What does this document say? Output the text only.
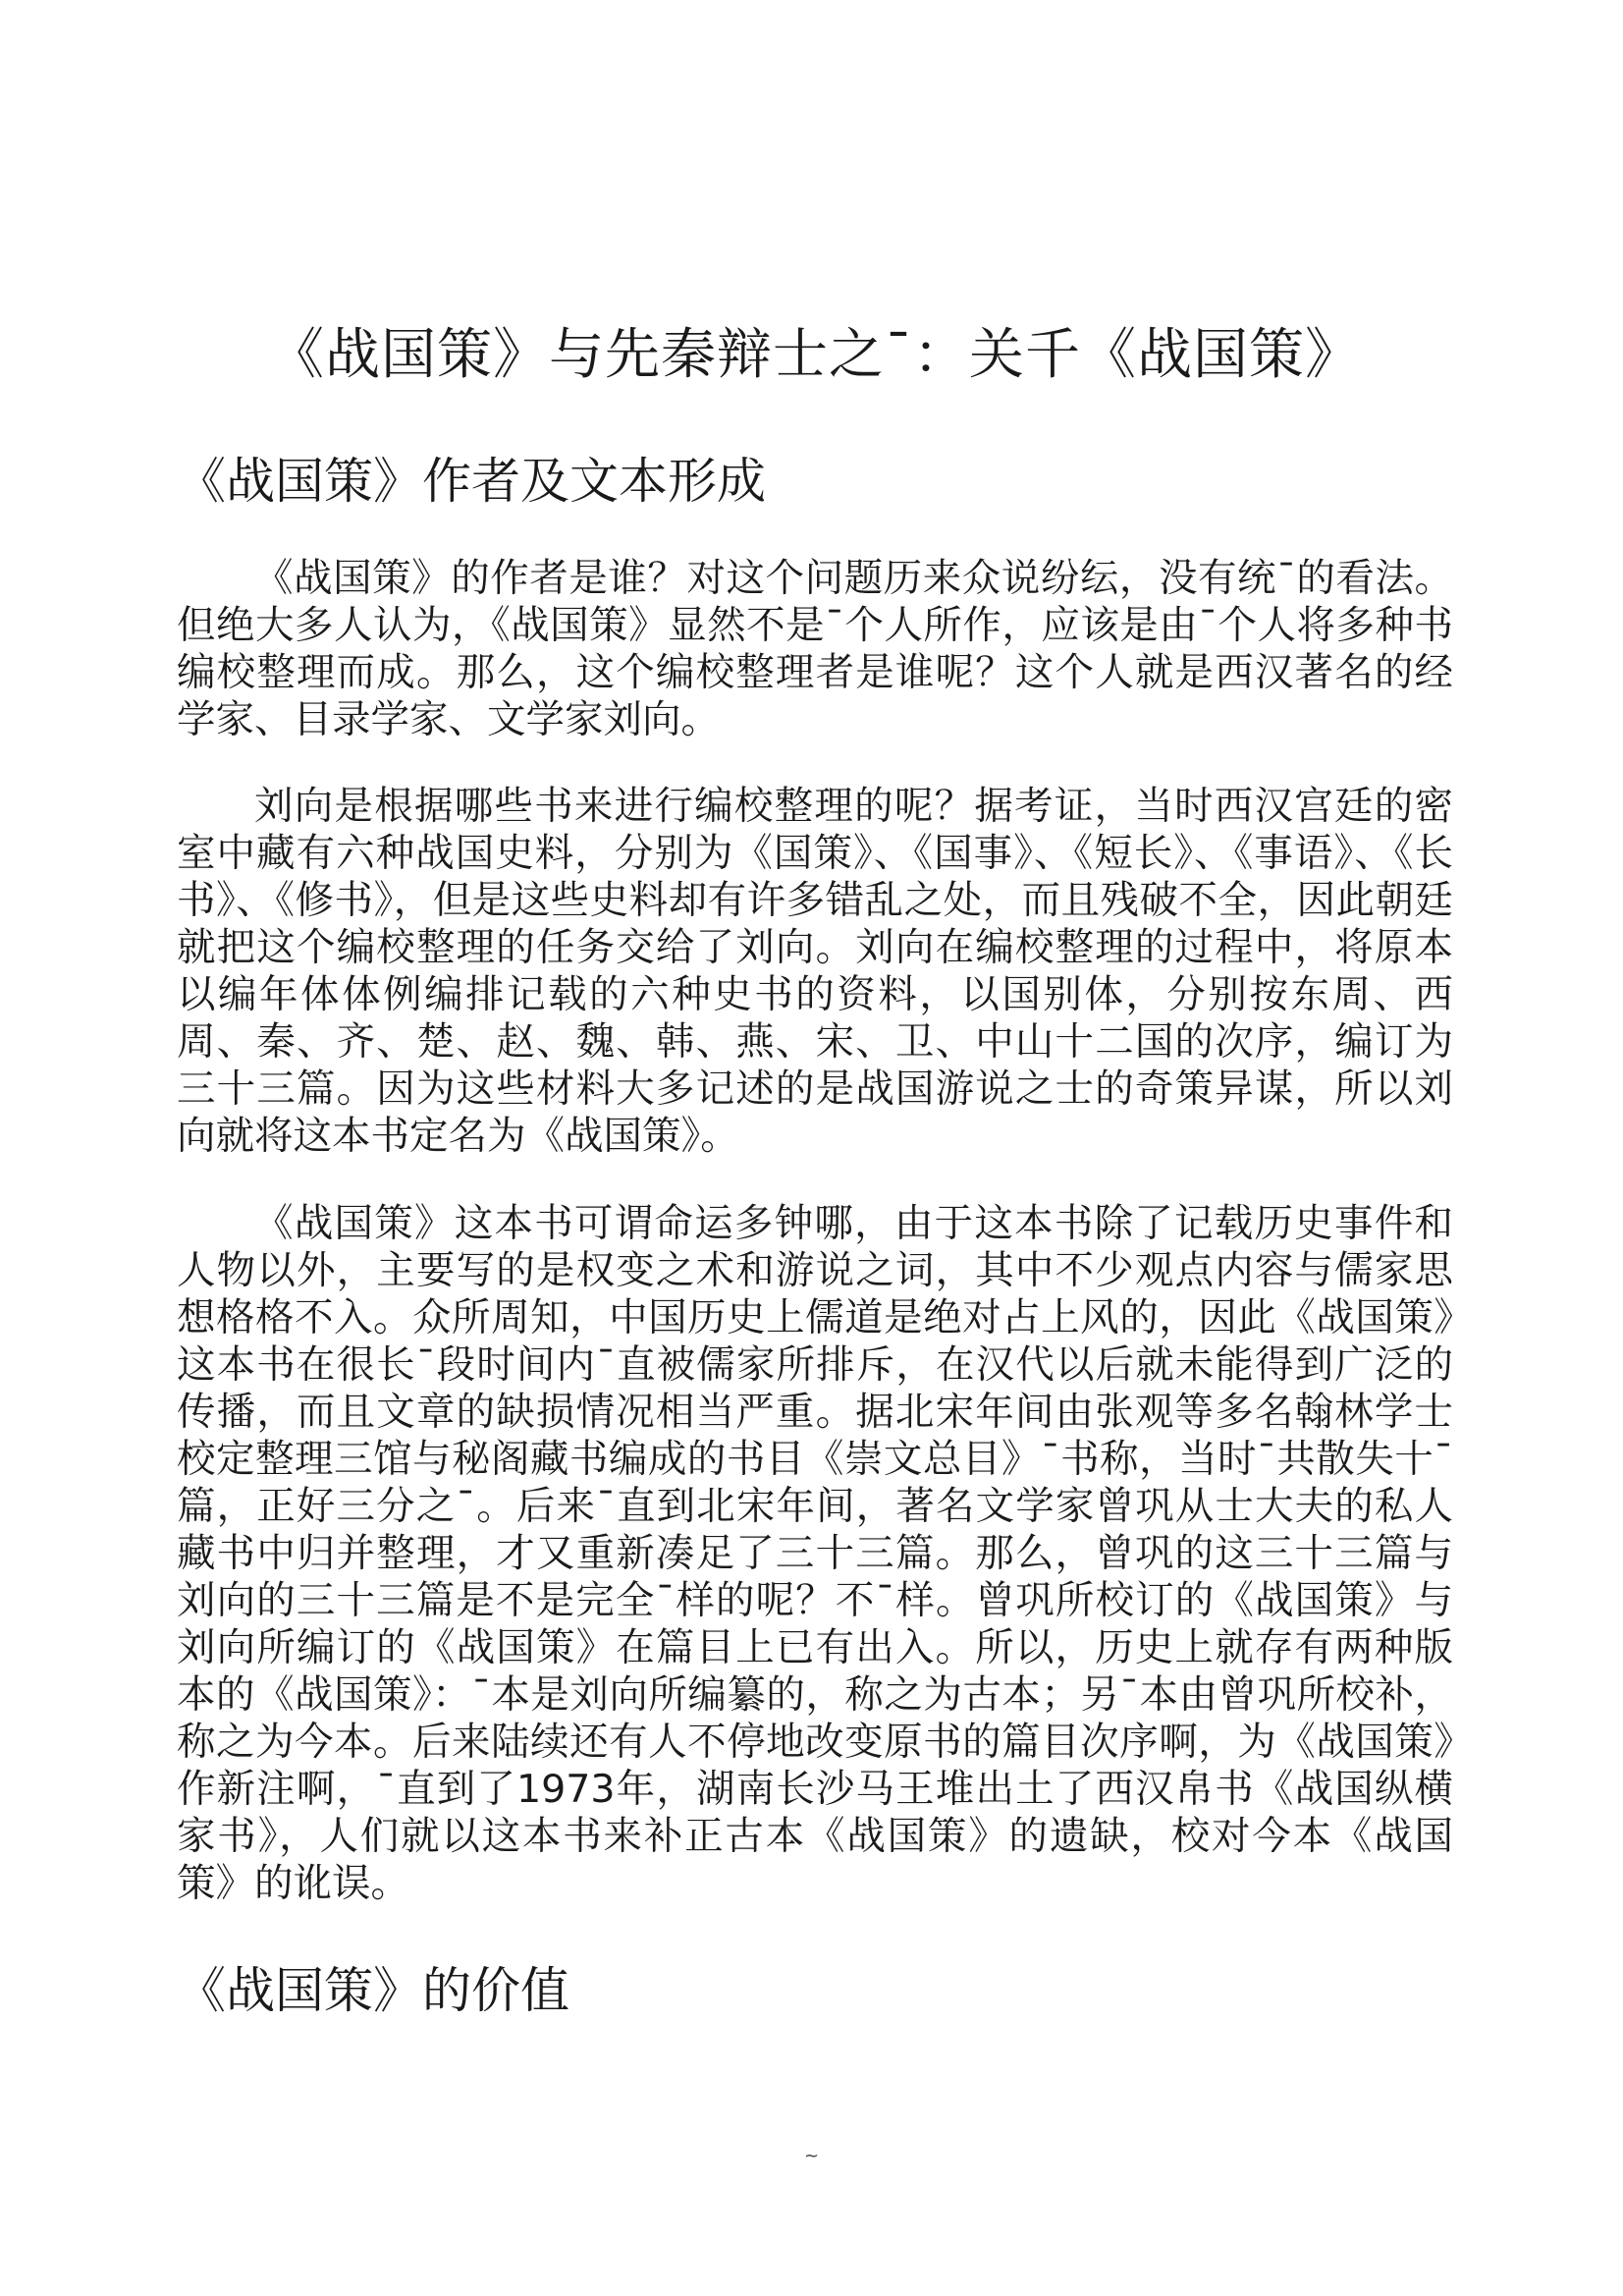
《战国策》与先秦辩士之¯：关千《战国策》
《战国策》作者及文本形成

《战国策》的作者是谁？对这个问题历来众说纷纭，没有统¯的看法。但绝大多人认为，《战国策》显然不是¯个人所作，应该是由¯个人将多种书编校整理而成。那么，这个编校整理者是谁呢？这个人就是西汉著名的经学家、目录学家、文学家刘向。

刘向是根据哪些书来进行编校整理的呢？据考证，当时西汉宫廷的密室中藏有六种战国史料，分别为《国策》、《国事》、《短长》、《事语》、《长书》、《修书》，但是这些史料却有许多错乱之处，而且残破不全，因此朝廷就把这个编校整理的任务交给了刘向。刘向在编校整理的过程中，将原本以编年体体例编排记载的六种史书的资料，以国别体，分别按东周、西周、秦、齐、楚、赵、魏、韩、燕、宋、卫、中山十二国的次序，编订为三十三篇。因为这些材料大多记述的是战国游说之士的奇策异谋，所以刘向就将这本书定名为《战国策》。

《战国策》这本书可谓命运多钟哪，由于这本书除了记载历史事件和人物以外，主要写的是权变之术和游说之词，其中不少观点内容与儒家思想格格不入。众所周知，中国历史上儒道是绝对占上风的，因此《战国策》这本书在很长¯段时间内¯直被儒家所排斥，在汉代以后就未能得到广泛的传播，而且文章的缺损情况相当严重。据北宋年间由张观等多名翰林学士校定整理三馆与秘阁藏书编成的书目《崇文总目》¯书称，当时¯共散失十¯篇，正好三分之¯。后来¯直到北宋年间，著名文学家曾巩从士大夫的私人藏书中归并整理，才又重新凑足了三十三篇。那么，曾巩的这三十三篇与刘向的三十三篇是不是完全¯样的呢？不¯样。曾巩所校订的《战国策》与刘向所编订的《战国策》在篇目上已有出入。所以，历史上就存有两种版本的《战国策》：¯本是刘向所编纂的，称之为古本；另¯本由曾巩所校补，称之为今本。后来陆续还有人不停地改变原书的篇目次序啊，为《战国策》作新注啊，¯直到了1973年，湖南长沙马王堆出土了西汉帛书《战国纵横家书》，人们就以这本书来补正古本《战国策》的遗缺，校对今本《战国策》的讹误。

《战国策》的价值
~
